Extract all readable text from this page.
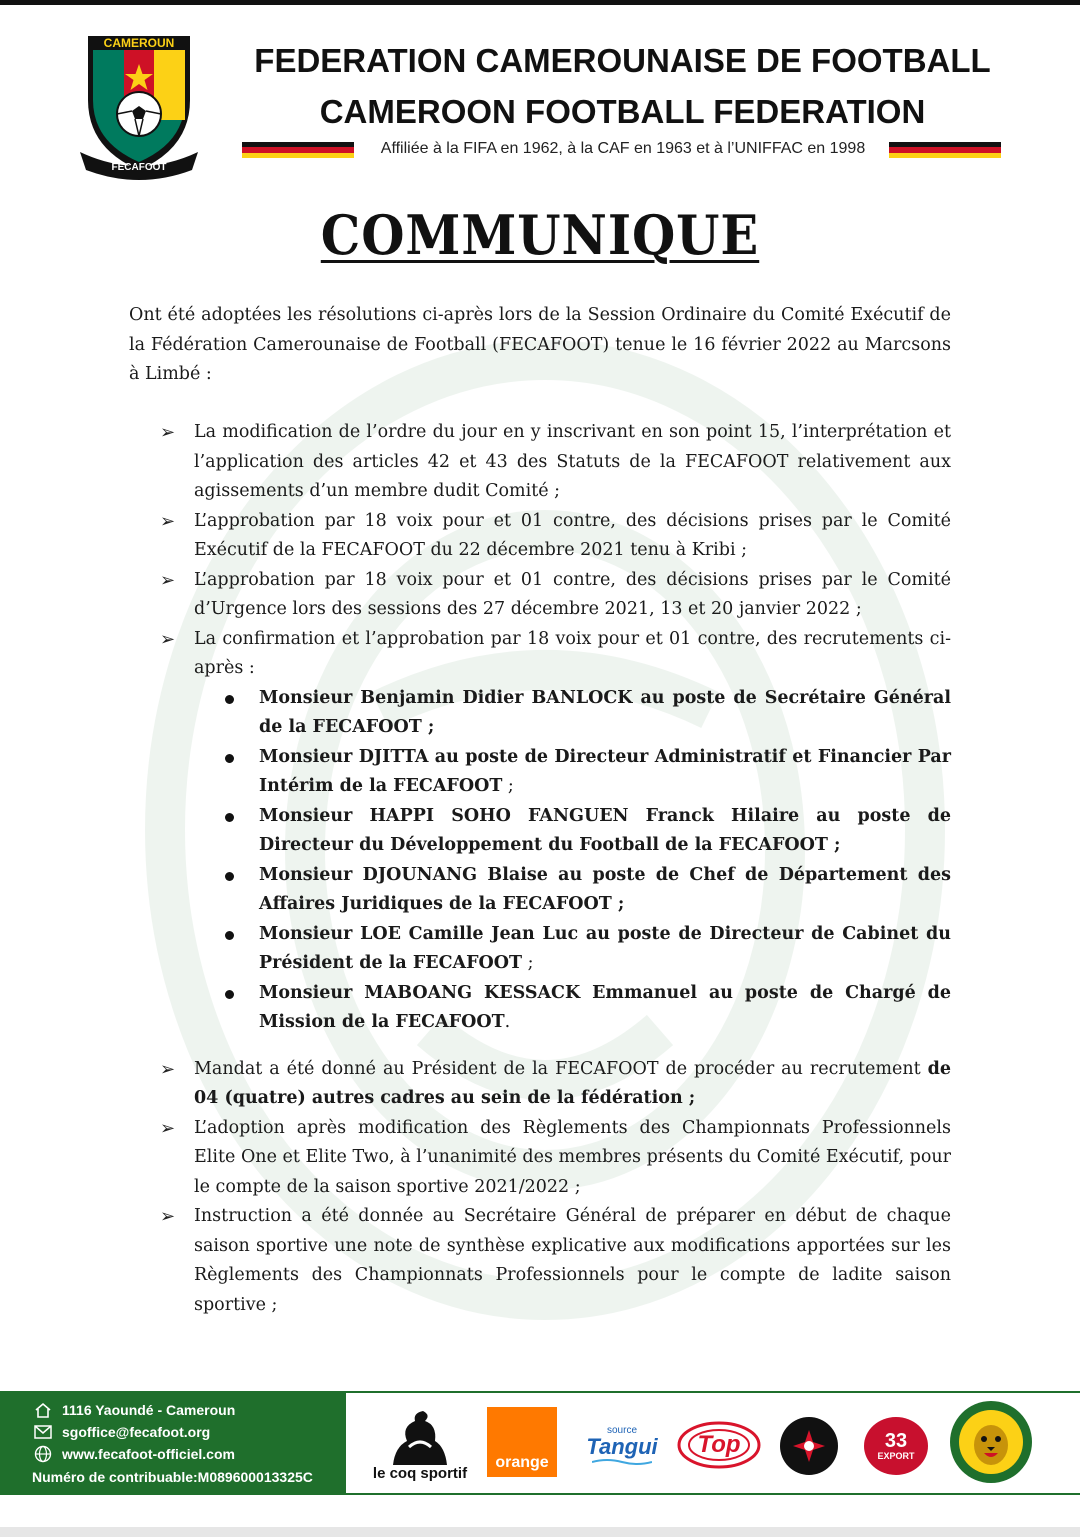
CAMEROUN
FECAFOOT
FEDERATION CAMEROUNAISE DE FOOTBALL
CAMEROON FOOTBALL FEDERATION
Affiliée à la FIFA en 1962, à la CAF en 1963 et à l’UNIFFAC en 1998
COMMUNIQUE
Ont été adoptées les résolutions ci-après lors de la Session Ordinaire du Comité Exécutif de la Fédération Camerounaise de Football (FECAFOOT) tenue le 16 février 2022 au Marcsons à Limbé :
➢ La modification de l’ordre du jour en y inscrivant en son point 15, l’interprétation et l’application des articles 42 et 43 des Statuts de la FECAFOOT relativement aux agissements d’un membre dudit Comité ;
➢ L’approbation par 18 voix pour et 01 contre, des décisions prises par le Comité Exécutif de la FECAFOOT du 22 décembre 2021 tenu à Kribi ;
➢ L’approbation par 18 voix pour et 01 contre, des décisions prises par le Comité d’Urgence lors des sessions des 27 décembre 2021, 13 et 20 janvier 2022 ;
➢ La confirmation et l’approbation par 18 voix pour et 01 contre, des recrutements ci-après :
Monsieur Benjamin Didier BANLOCK au poste de Secrétaire Général de la FECAFOOT ;
Monsieur DJITTA au poste de Directeur Administratif et Financier Par Intérim de la FECAFOOT ;
Monsieur HAPPI SOHO FANGUEN Franck Hilaire au poste de Directeur du Développement du Football de la FECAFOOT ;
Monsieur DJOUNANG Blaise au poste de Chef de Département des Affaires Juridiques de la FECAFOOT ;
Monsieur LOE Camille Jean Luc au poste de Directeur de Cabinet du Président de la FECAFOOT ;
Monsieur MABOANG KESSACK Emmanuel au poste de Chargé de Mission de la FECAFOOT.
➢ Mandat a été donné au Président de la FECAFOOT de procéder au recrutement de 04 (quatre) autres cadres au sein de la fédération ;
➢ L’adoption après modification des Règlements des Championnats Professionnels Elite One et Elite Two, à l’unanimité des membres présents du Comité Exécutif, pour le compte de la saison sportive 2021/2022 ;
➢ Instruction a été donnée au Secrétaire Général de préparer en début de chaque saison sportive une note de synthèse explicative aux modifications apportées sur les Règlements des Championnats Professionnels pour le compte de ladite saison sportive ;
1116 Yaoundé - Cameroun
sgoffice@fecafoot.org
www.fecafoot-officiel.com
Numéro de contribuable:M089600013325C	le coq sportif
orange
source
Tangui Top	33
EXPORT
